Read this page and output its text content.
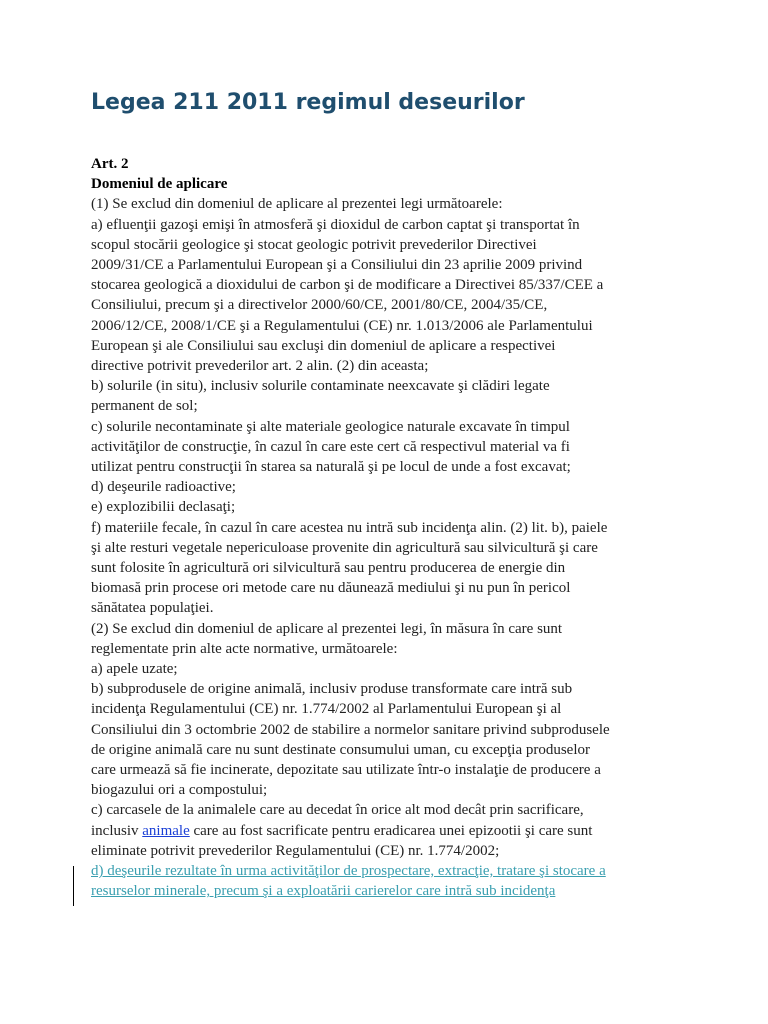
Legea 211 2011 regimul deseurilor
Art. 2
Domeniul de aplicare
(1) Se exclud din domeniul de aplicare al prezentei legi următoarele:
a) efluenţii gazoşi emişi în atmosferă şi dioxidul de carbon captat şi transportat în
scopul stocării geologice şi stocat geologic potrivit prevederilor Directivei
2009/31/CE a Parlamentului European şi a Consiliului din 23 aprilie 2009 privind
stocarea geologică a dioxidului de carbon şi de modificare a Directivei 85/337/CEE a
Consiliului, precum şi a directivelor 2000/60/CE, 2001/80/CE, 2004/35/CE,
2006/12/CE, 2008/1/CE şi a Regulamentului (CE) nr. 1.013/2006 ale Parlamentului
European şi ale Consiliului sau excluşi din domeniul de aplicare a respectivei
directive potrivit prevederilor art. 2 alin. (2) din aceasta;
b) solurile (in situ), inclusiv solurile contaminate neexcavate şi clădiri legate
permanent de sol;
c) solurile necontaminate şi alte materiale geologice naturale excavate în timpul
activităţilor de construcţie, în cazul în care este cert că respectivul material va fi
utilizat pentru construcţii în starea sa naturală şi pe locul de unde a fost excavat;
d) deşeurile radioactive;
e) explozibilii declasaţi;
f) materiile fecale, în cazul în care acestea nu intră sub incidenţa alin. (2) lit. b), paiele
şi alte resturi vegetale nepericuloase provenite din agricultură sau silvicultură şi care
sunt folosite în agricultură ori silvicultură sau pentru producerea de energie din
biomasă prin procese ori metode care nu dăunează mediului şi nu pun în pericol
sănătatea populaţiei.
(2) Se exclud din domeniul de aplicare al prezentei legi, în măsura în care sunt
reglementate prin alte acte normative, următoarele:
a) apele uzate;
b) subprodusele de origine animală, inclusiv produse transformate care intră sub
incidenţa Regulamentului (CE) nr. 1.774/2002 al Parlamentului European şi al
Consiliului din 3 octombrie 2002 de stabilire a normelor sanitare privind subprodusele
de origine animală care nu sunt destinate consumului uman, cu excepţia produselor
care urmează să fie incinerate, depozitate sau utilizate într-o instalaţie de producere a
biogazului ori a compostului;
c) carcasele de la animalele care au decedat în orice alt mod decât prin sacrificare,
inclusiv animale care au fost sacrificate pentru eradicarea unei epizootii şi care sunt
eliminate potrivit prevederilor Regulamentului (CE) nr. 1.774/2002;
d) deşeurile rezultate în urma activităţilor de prospectare, extracţie, tratare şi stocare a
resurselor minerale, precum şi a exploatării carierelor care intră sub incidenţa
